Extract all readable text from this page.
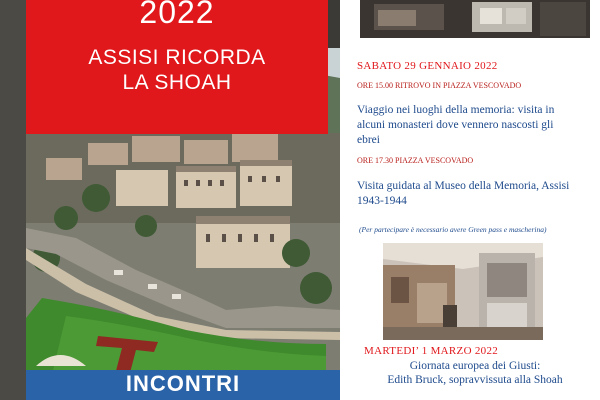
2022
ASSISI RICORDA
LA SHOAH
INCONTRI

SABATO 29 GENNAIO 2022

ORE 15.00 RITROVO IN PIAZZA VESCOVADO

Viaggio nei luoghi della memoria: visita in alcuni monasteri dove vennero nascosti gli ebrei

ORE 17.30 PIAZZA VESCOVADO

Visita guidata al Museo della Memoria, Assisi 1943-1944

(Per partecipare è necessario avere Green pass e mascherina)

MARTEDI’ 1 MARZO 2022

Giornata europea dei Giusti:

Edith Bruck, sopravvissuta alla Shoah
